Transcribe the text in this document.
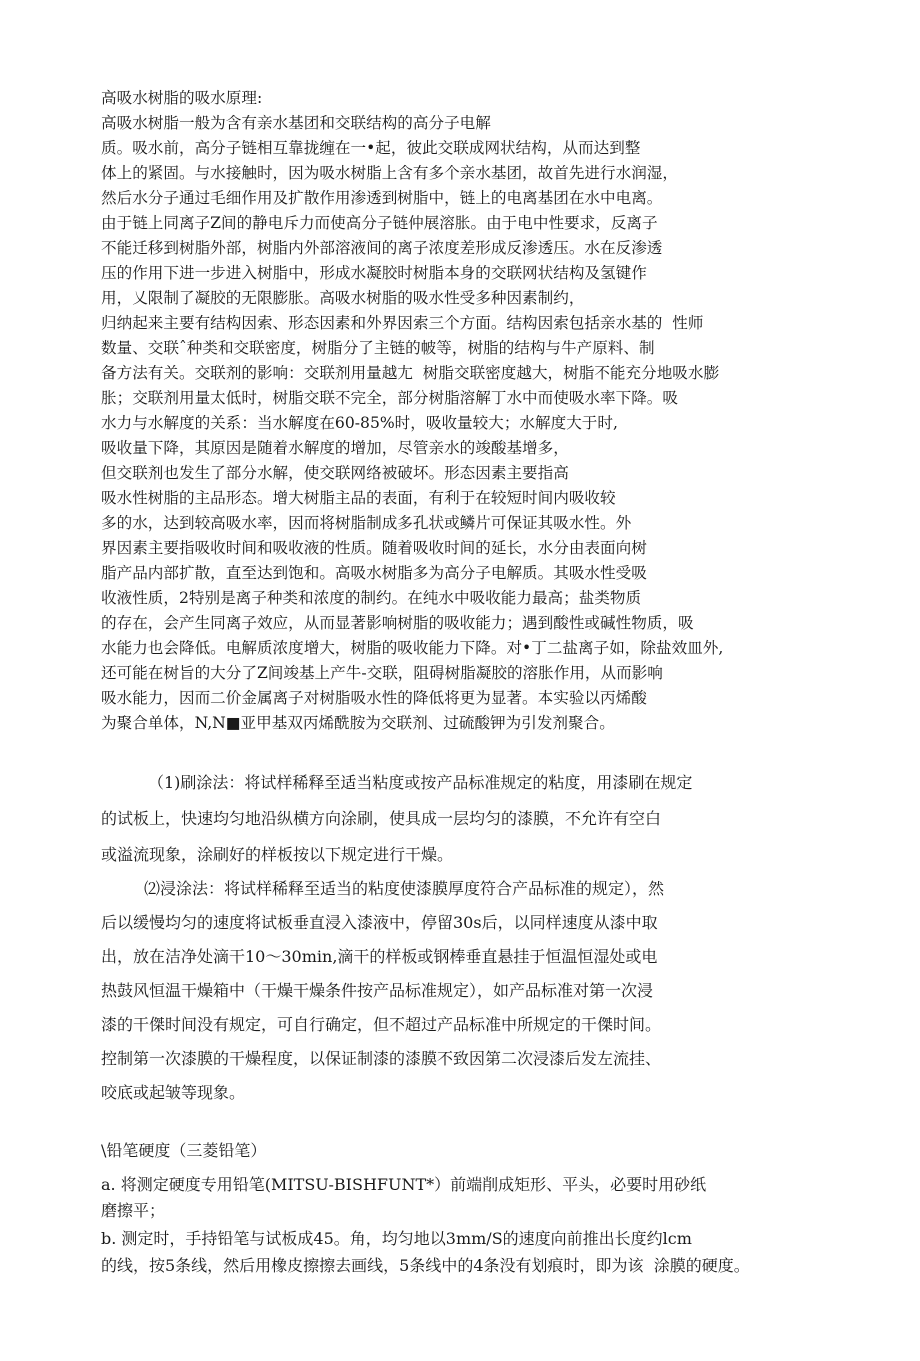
高吸水树脂的吸水原理:

高吸水树脂一般为含有亲水基团和交联结构的高分子电解

质。吸水前，高分子链相互靠拢缠在一•起，彼此交联成网状结构，从而达到整

体上的紧固。与水接触时，因为吸水树脂上含有多个亲水基团，故首先进行水润湿，

然后水分子通过毛细作用及扩散作用渗透到树脂中，链上的电离基团在水中电离。

由于链上同离子Z间的静电斥力而使高分子链仲展溶胀。由于电中性要求，反离子

不能迁移到树脂外部，树脂内外部溶液间的离子浓度差形成反渗透压。水在反渗透

压的作用下进一步进入树脂中，形成水凝胶时树脂本身的交联网状结构及氢键作

用，乂限制了凝胶的无限膨胀。高吸水树脂的吸水性受多种因素制约，

归纳起来主要有结构因索、形态因素和外界因索三个方面。结构因索包括亲水基的  性师

数量、交联ˆ种类和交联密度，树脂分了主链的帔等，树脂的结构与牛产原料、制

备方法有关。交联剂的影响：交联剂用量越尢  树脂交联密度越大，树脂不能充分地吸水膨

胀；交联剂用量太低时，树脂交联不完全，部分树脂溶解丁水中而使吸水率下降。吸

水力与水解度的关系：当水解度在60-85%时，吸收量较大；水解度大于时,

吸收量下降，其原因是随着水解度的增加，尽管亲水的竣酸基增多，

但交联剂也发生了部分水解，使交联网络被破坏。形态因素主要指高

吸水性树脂的主品形态。增大树脂主品的表面，有利于在较短时间内吸收较

多的水，达到较高吸水率，因而将树脂制成多孔状或鳞片可保证其吸水性。外

界因素主要指吸收时间和吸收液的性质。随着吸收时间的延长，水分由表面向树

脂产品内部扩散，直至达到饱和。高吸水树脂多为高分子电解质。其吸水性受吸

收液性质，2特别是离子种类和浓度的制约。在纯水中吸收能力最高；盐类物质

的存在，会产生同离子效应，从而显著影响树脂的吸收能力；遇到酸性或碱性物质，吸

水能力也会降低。电解质浓度增大，树脂的吸收能力下降。对•丁二盐离子如，除盐效皿外,

还可能在树旨的大分了Z间竣基上产牛-交联，阻碍树脂凝胶的溶胀作用，从而影响

吸水能力，因而二价金属离子对树脂吸水性的降低将更为显著。本实验以丙烯酸

为聚合单体，N,N■亚甲基双丙烯酰胺为交联剂、过硫酸钾为引发剂聚合。

（1)刷涂法：将试样稀释至适当粘度或按产品标准规定的粘度，用漆刷在规定

的试板上，快速均匀地沿纵横方向涂刷，使具成一层均匀的漆膜，不允许有空白

或溢流现象，涂刷好的样板按以下规定进行干燥。

⑵浸涂法：将试样稀释至适当的粘度使漆膜厚度符合产品标准的规定），然

后以缓慢均匀的速度将试板垂直浸入漆液中，停留30s后，以同样速度从漆中取

出，放在洁净处滴干10〜30min,滴干的样板或钢棒垂直悬挂于恒温恒湿处或电

热鼓风恒温干燥箱中（干燥干燥条件按产品标准规定），如产品标准对第一次浸

漆的干傑时间没有规定，可自行确定，但不超过产品标准中所规定的干傑时间。

控制第一次漆膜的干燥程度，以保证制漆的漆膜不致因第二次浸漆后发左流挂、

咬底或起皱等现象。

\铅笔硬度（三菱铅笔）

a. 将测定硬度专用铅笔(MITSU-BISHFUNT*）前端削成矩形、平头，必要时用砂纸

磨擦平；

b. 测定时，手持铅笔与试板成45。角，均匀地以3mm/S的速度向前推出长度约lcm

的线，按5条线，然后用橡皮擦擦去画线，5条线中的4条没有划痕时，即为该  涂膜的硬度。
